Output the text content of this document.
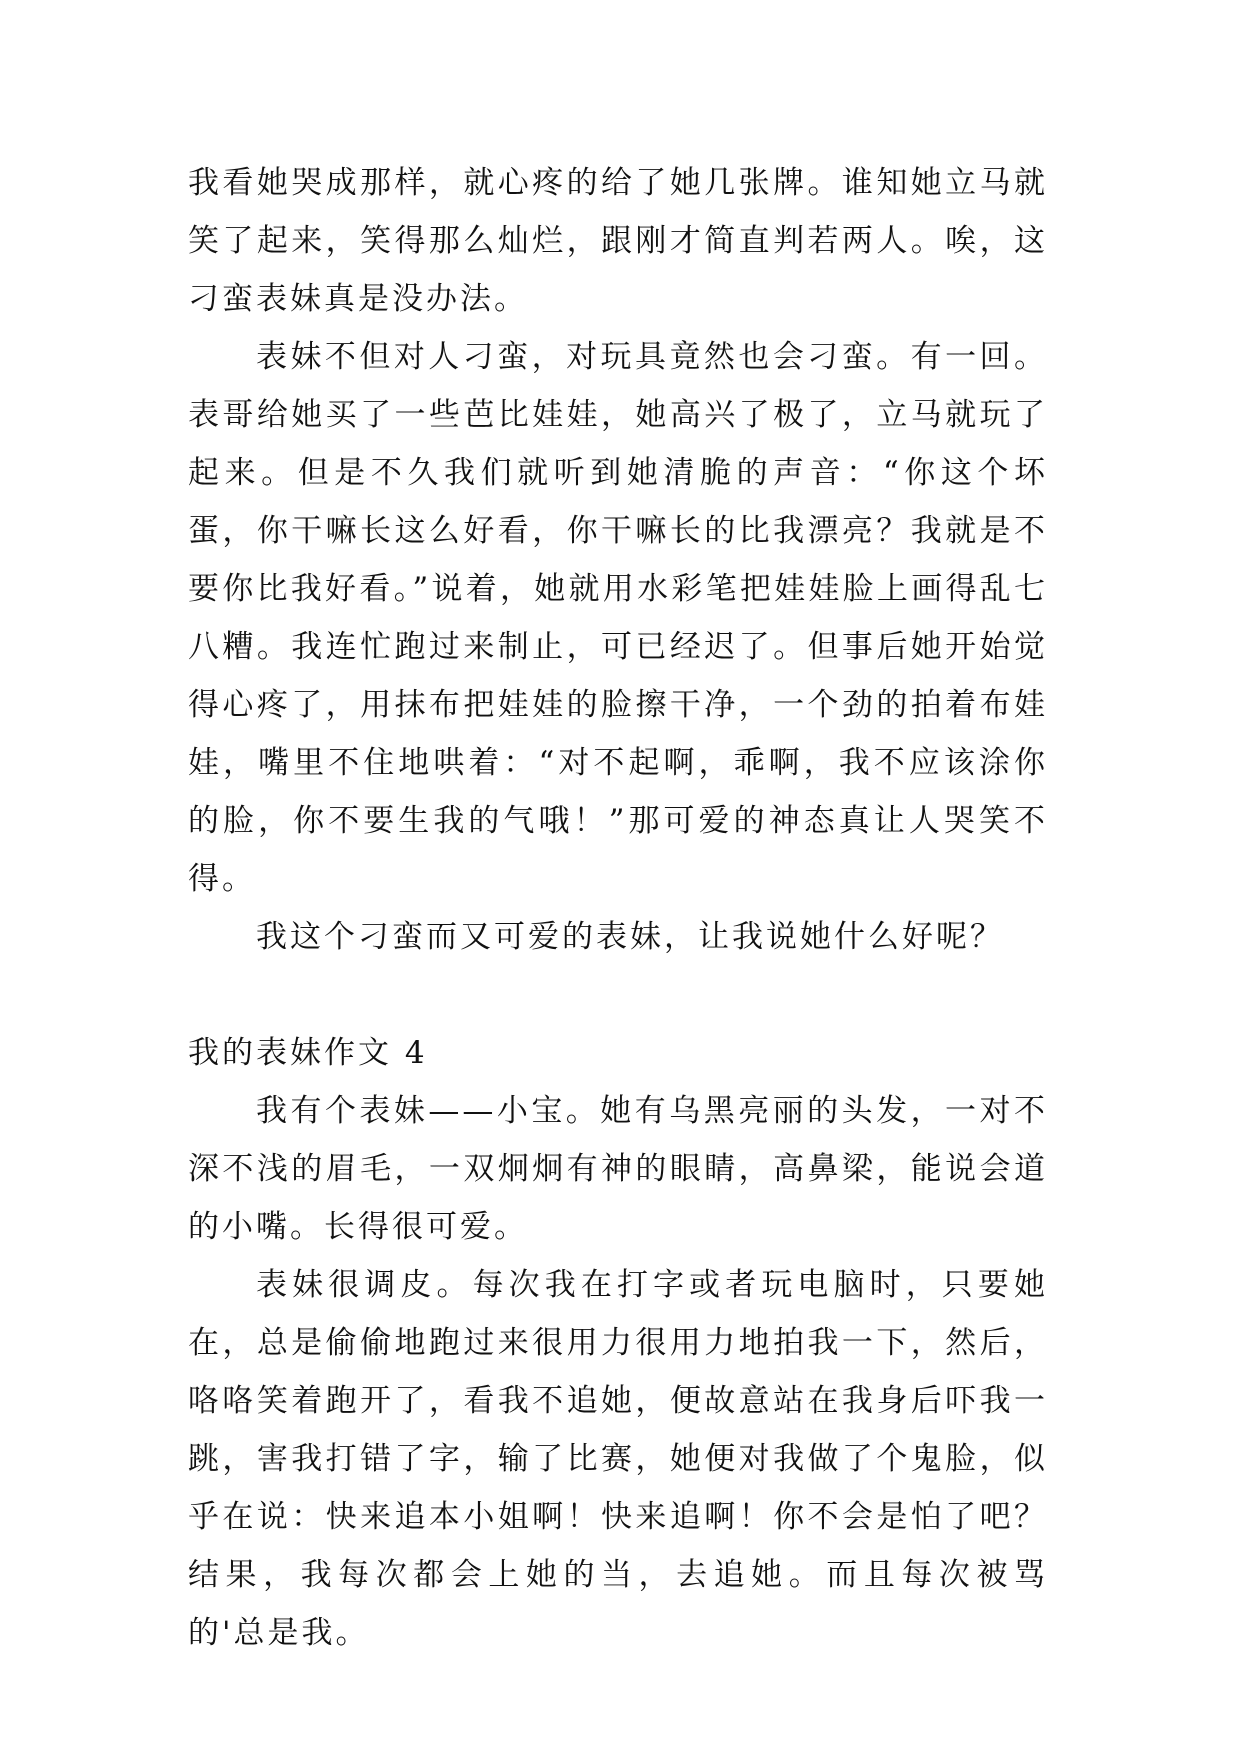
我看她哭成那样，就心疼的给了她几张牌。谁知她立马就笑了起来，笑得那么灿烂，跟刚才简直判若两人。唉，这刁蛮表妹真是没办法。

表妹不但对人刁蛮，对玩具竟然也会刁蛮。有一回。表哥给她买了一些芭比娃娃，她高兴了极了，立马就玩了起来。但是不久我们就听到她清脆的声音：“你这个坏蛋，你干嘛长这么好看，你干嘛长的比我漂亮？我就是不要你比我好看。”说着，她就用水彩笔把娃娃脸上画得乱七八糟。我连忙跑过来制止，可已经迟了。但事后她开始觉得心疼了，用抹布把娃娃的脸擦干净，一个劲的拍着布娃娃，嘴里不住地哄着：“对不起啊，乖啊，我不应该涂你的脸，你不要生我的气哦！”那可爱的神态真让人哭笑不得。

我这个刁蛮而又可爱的表妹，让我说她什么好呢？

我的表妹作文 4

我有个表妹——小宝。她有乌黑亮丽的头发，一对不深不浅的眉毛，一双炯炯有神的眼睛，高鼻梁，能说会道的小嘴。长得很可爱。

表妹很调皮。每次我在打字或者玩电脑时，只要她在，总是偷偷地跑过来很用力很用力地拍我一下，然后，咯咯笑着跑开了，看我不追她，便故意站在我身后吓我一跳，害我打错了字，输了比赛，她便对我做了个鬼脸，似乎在说：快来追本小姐啊！快来追啊！你不会是怕了吧？结果，我每次都会上她的当，去追她。而且每次被骂的'总是我。
